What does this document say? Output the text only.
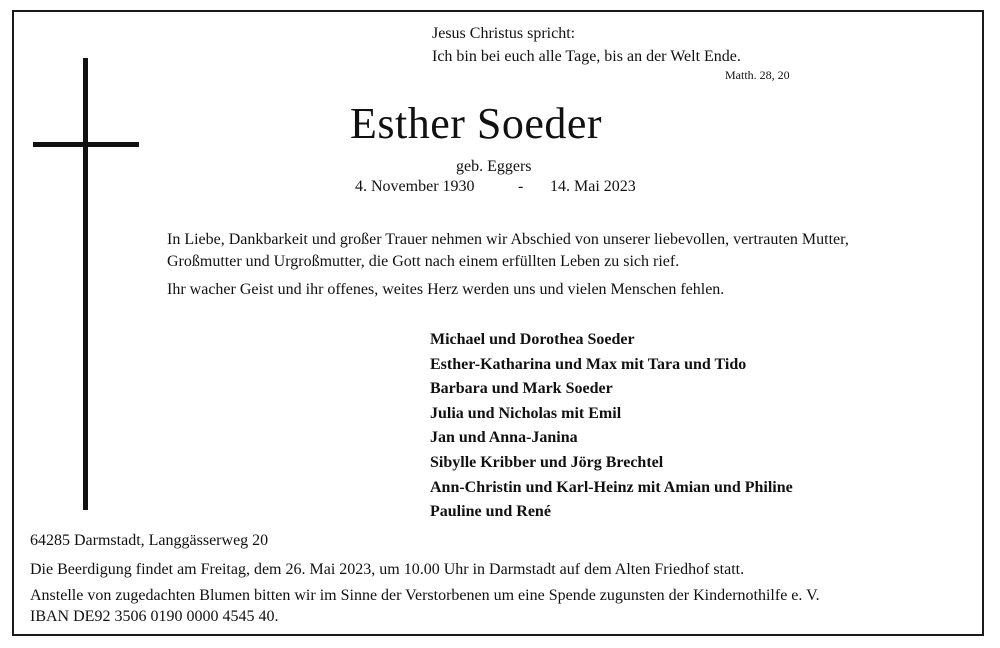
Jesus Christus spricht:
Ich bin bei euch alle Tage, bis an der Welt Ende.
Matth. 28, 20
Esther Soeder
geb. Eggers
4. November 1930	- 14. Mai 2023
In Liebe, Dankbarkeit und großer Trauer nehmen wir Abschied von unserer liebevollen, vertrauten Mutter,
Großmutter und Urgroßmutter, die Gott nach einem erfüllten Leben zu sich rief.
Ihr wacher Geist und ihr offenes, weites Herz werden uns und vielen Menschen fehlen.
Michael und Dorothea Soeder
Esther-Katharina und Max mit Tara und Tido
Barbara und Mark Soeder
Julia und Nicholas mit Emil
Jan und Anna-Janina
Sibylle Kribber und Jörg Brechtel
Ann-Christin und Karl-Heinz mit Amian und Philine
Pauline und René
64285 Darmstadt, Langgässerweg 20
Die Beerdigung findet am Freitag, dem 26. Mai 2023, um 10.00 Uhr in Darmstadt auf dem Alten Friedhof statt.
Anstelle von zugedachten Blumen bitten wir im Sinne der Verstorbenen um eine Spende zugunsten der Kindernothilfe e. V.
IBAN DE92 3506 0190 0000 4545 40.
